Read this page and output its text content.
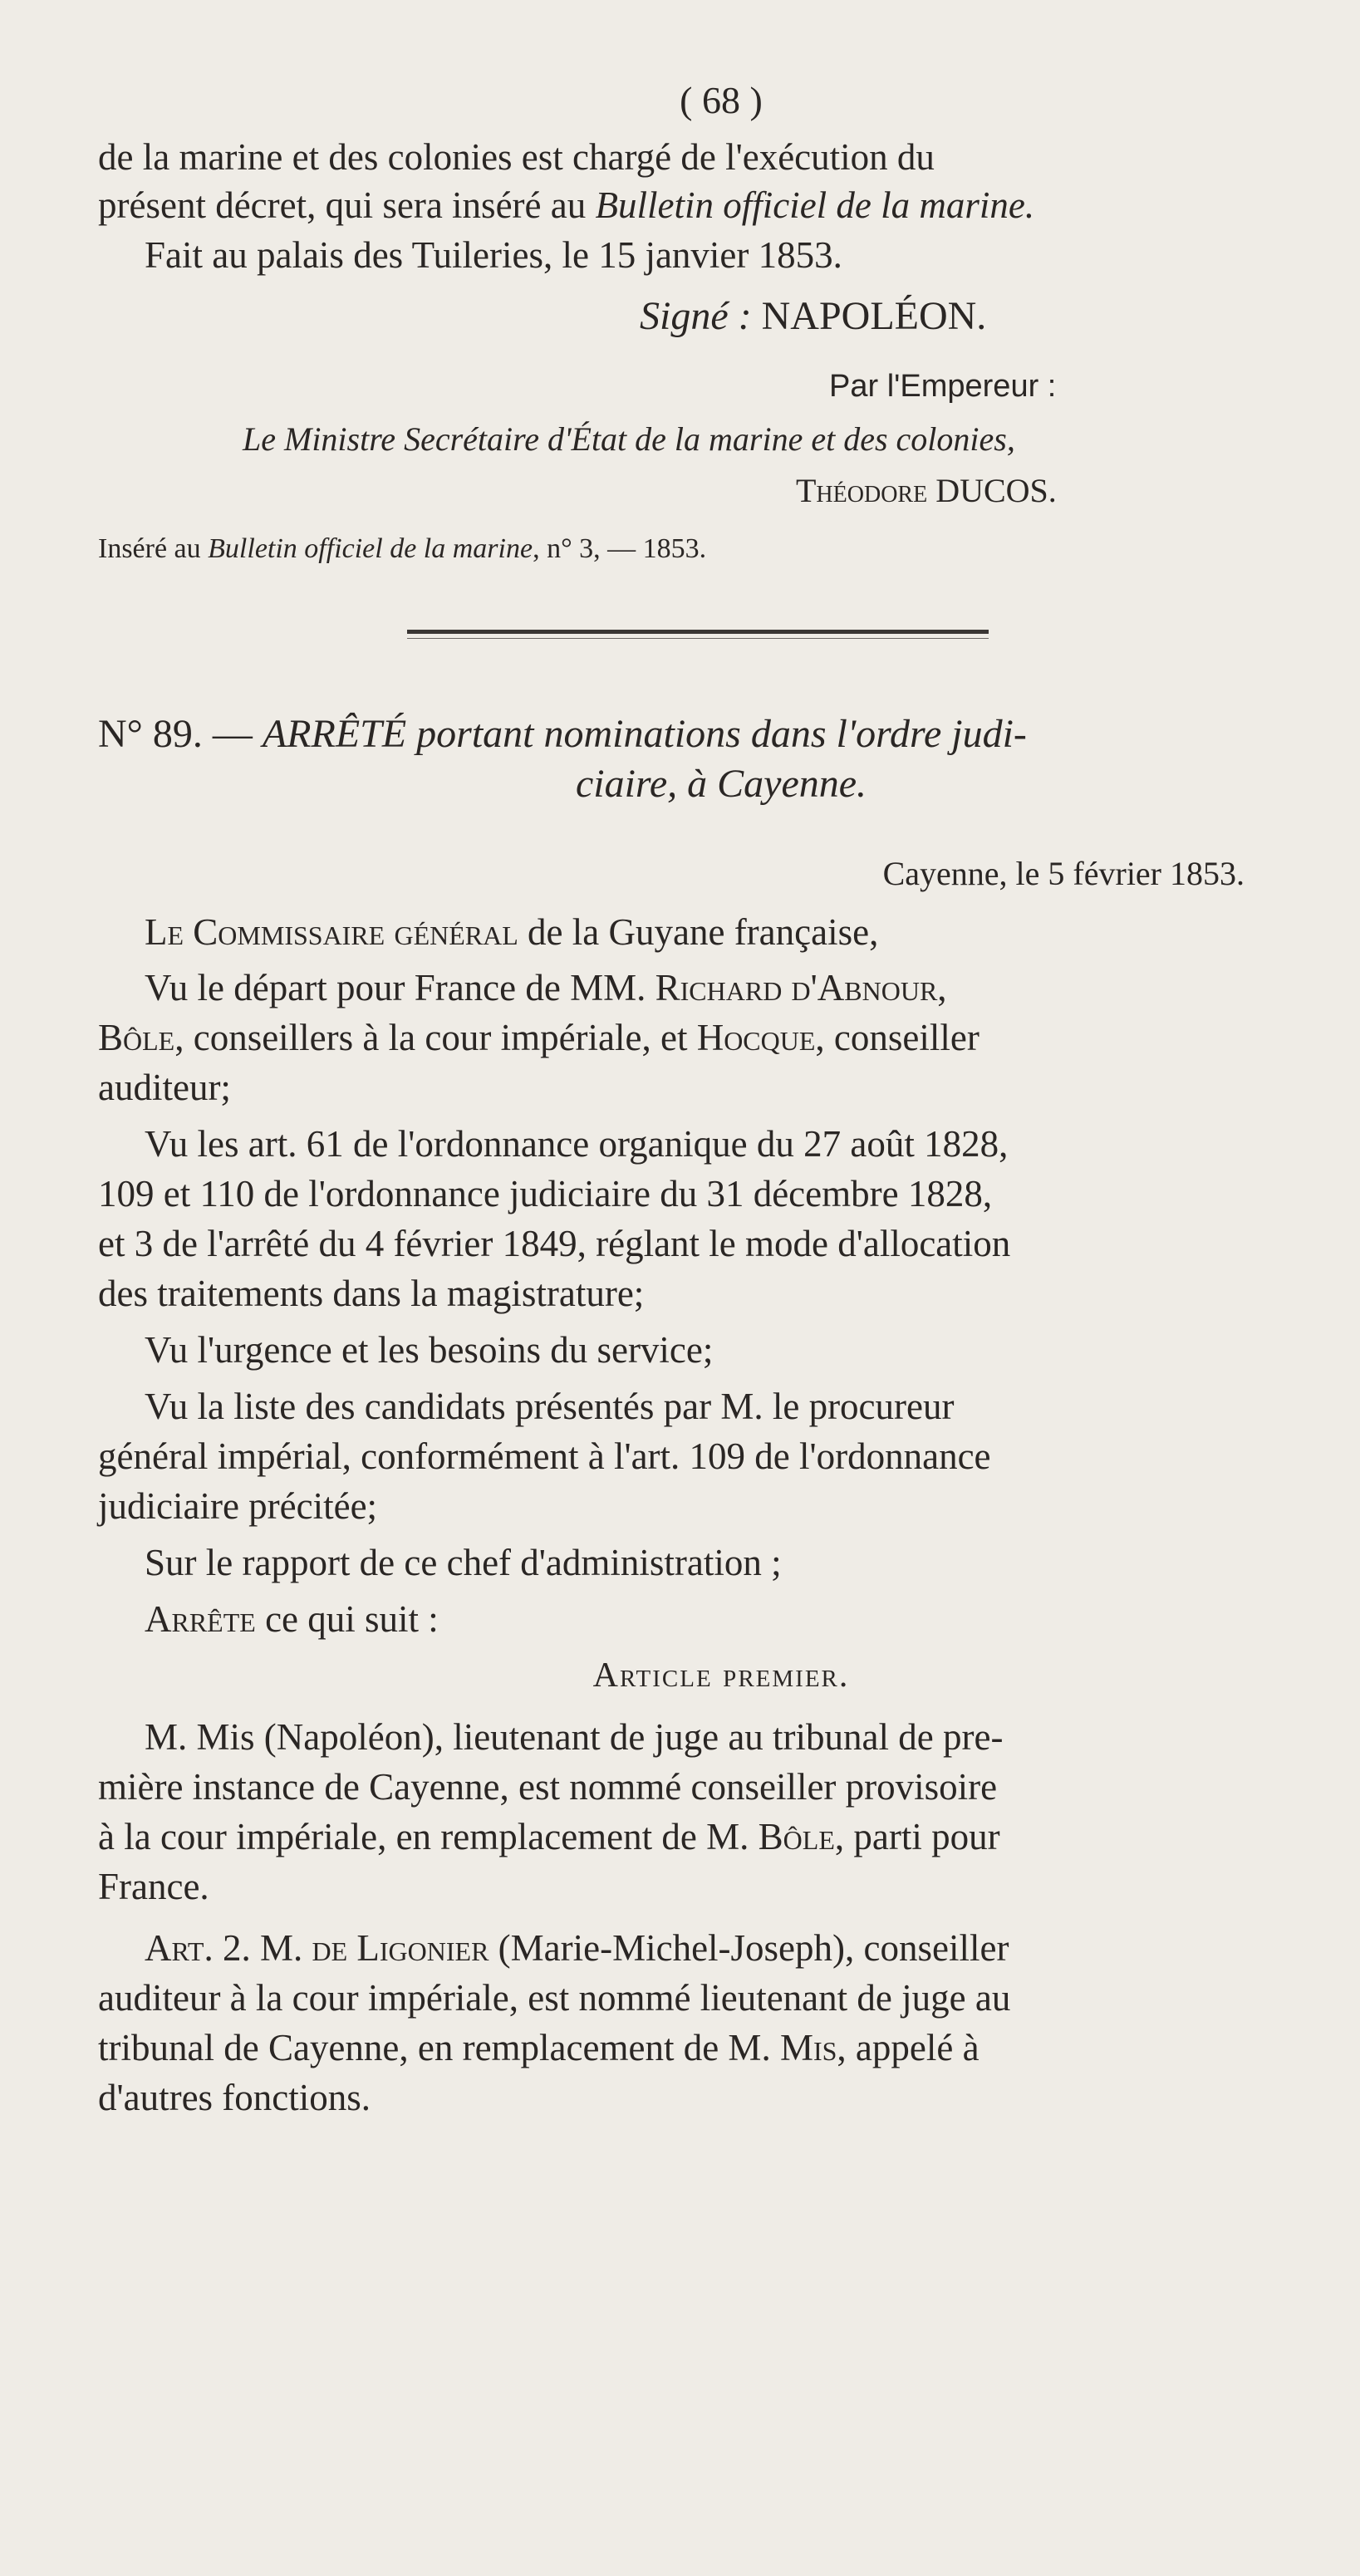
( 68 )
de la marine et des colonies est chargé de l'exécution du
présent décret, qui sera inséré au Bulletin officiel de la marine.
Fait au palais des Tuileries, le 15 janvier 1853.
Signé : NAPOLÉON.
Par l'Empereur :
Le Ministre Secrétaire d'État de la marine et des colonies,
Théodore DUCOS.
Inséré au Bulletin officiel de la marine, n° 3, — 1853.
N° 89. — ARRÊTÉ portant nominations dans l'ordre judi-
ciaire, à Cayenne.
Cayenne, le 5 février 1853.
Le Commissaire général de la Guyane française,
Vu le départ pour France de MM. Richard d'Abnour,
Bôle, conseillers à la cour impériale, et Hocque, conseiller
auditeur;
Vu les art. 61 de l'ordonnance organique du 27 août 1828,
109 et 110 de l'ordonnance judiciaire du 31 décembre 1828,
et 3 de l'arrêté du 4 février 1849, réglant le mode d'allocation
des traitements dans la magistrature;
Vu l'urgence et les besoins du service;
Vu la liste des candidats présentés par M. le procureur
général impérial, conformément à l'art. 109 de l'ordonnance
judiciaire précitée;
Sur le rapport de ce chef d'administration ;
Arrête ce qui suit :
Article premier.
M. Mis (Napoléon), lieutenant de juge au tribunal de pre-
mière instance de Cayenne, est nommé conseiller provisoire
à la cour impériale, en remplacement de M. Bôle, parti pour
France.
Art. 2. M. de Ligonier (Marie-Michel-Joseph), conseiller
auditeur à la cour impériale, est nommé lieutenant de juge au
tribunal de Cayenne, en remplacement de M. Mis, appelé à
d'autres fonctions.
